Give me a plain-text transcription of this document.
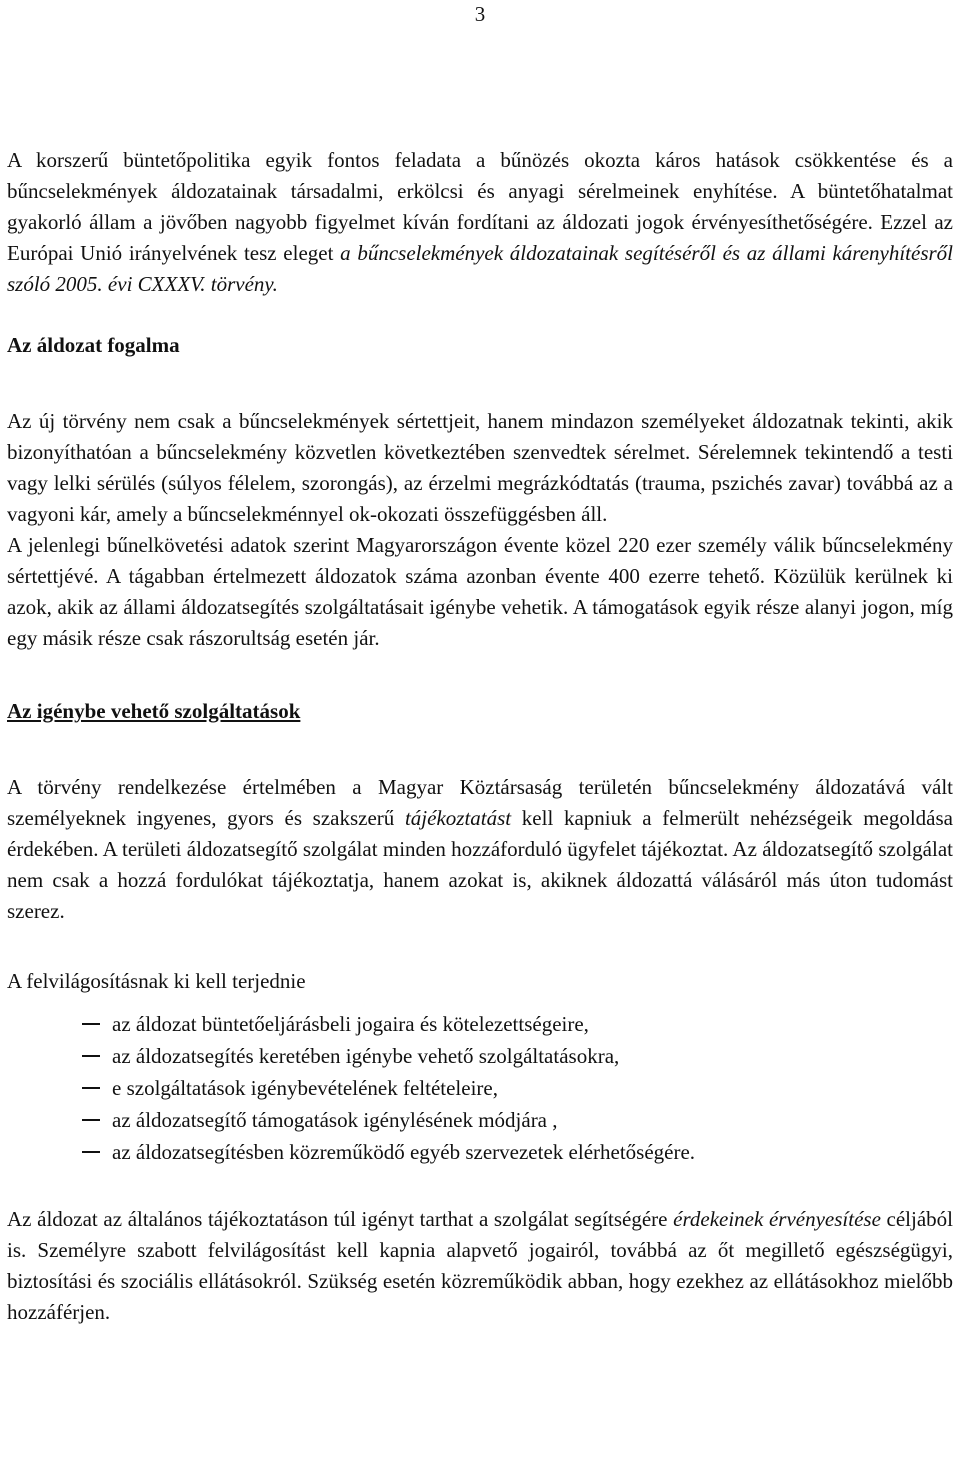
3

A korszerű büntetőpolitika egyik fontos feladata a bűnözés okozta káros hatások csökkentése és a bűncselekmények áldozatainak társadalmi, erkölcsi és anyagi sérelmeinek enyhítése. A büntetőhatalmat gyakorló állam a jövőben nagyobb figyelmet kíván fordítani az áldozati jogok érvényesíthetőségére. Ezzel az Európai Unió irányelvének tesz eleget a bűncselekmények áldozatainak segítéséről és az állami kárenyhítésről szóló 2005. évi CXXXV. törvény.

Az áldozat fogalma

Az új törvény nem csak a bűncselekmények sértettjeit, hanem mindazon személyeket áldozatnak tekinti, akik bizonyíthatóan a bűncselekmény közvetlen következtében szenvedtek sérelmet. Sérelemnek tekintendő a testi vagy lelki sérülés (súlyos félelem, szorongás), az érzelmi megrázkódtatás (trauma, pszichés zavar) továbbá az a vagyoni kár, amely a bűncselekménnyel ok-okozati összefüggésben áll.

A jelenlegi bűnelkövetési adatok szerint Magyarországon évente közel 220 ezer személy válik bűncselekmény sértettjévé. A tágabban értelmezett áldozatok száma azonban évente 400 ezerre tehető. Közülük kerülnek ki azok, akik az állami áldozatsegítés szolgáltatásait igénybe vehetik. A támogatások egyik része alanyi jogon, míg egy másik része csak rászorultság esetén jár.

Az igénybe vehető szolgáltatások

A törvény rendelkezése értelmében a Magyar Köztársaság területén bűncselekmény áldozatává vált személyeknek ingyenes, gyors és szakszerű tájékoztatást kell kapniuk a felmerült nehézségeik megoldása érdekében. A területi áldozatsegítő szolgálat minden hozzáforduló ügyfelet tájékoztat. Az áldozatsegítő szolgálat nem csak a hozzá fordulókat tájékoztatja, hanem azokat is, akiknek áldozattá válásáról más úton tudomást szerez.

A felvilágosításnak ki kell terjednie

az áldozat büntetőeljárásbeli jogaira és kötelezettségeire,
az áldozatsegítés keretében igénybe vehető szolgáltatásokra,
e szolgáltatások igénybevételének feltételeire,
az áldozatsegítő támogatások igénylésének módjára ,
az áldozatsegítésben közreműködő egyéb szervezetek elérhetőségére.

Az áldozat az általános tájékoztatáson túl igényt tarthat a szolgálat segítségére érdekeinek érvényesítése céljából is. Személyre szabott felvilágosítást kell kapnia alapvető jogairól, továbbá az őt megillető egészségügyi, biztosítási és szociális ellátásokról. Szükség esetén közreműködik abban, hogy ezekhez az ellátásokhoz mielőbb hozzáférjen.
